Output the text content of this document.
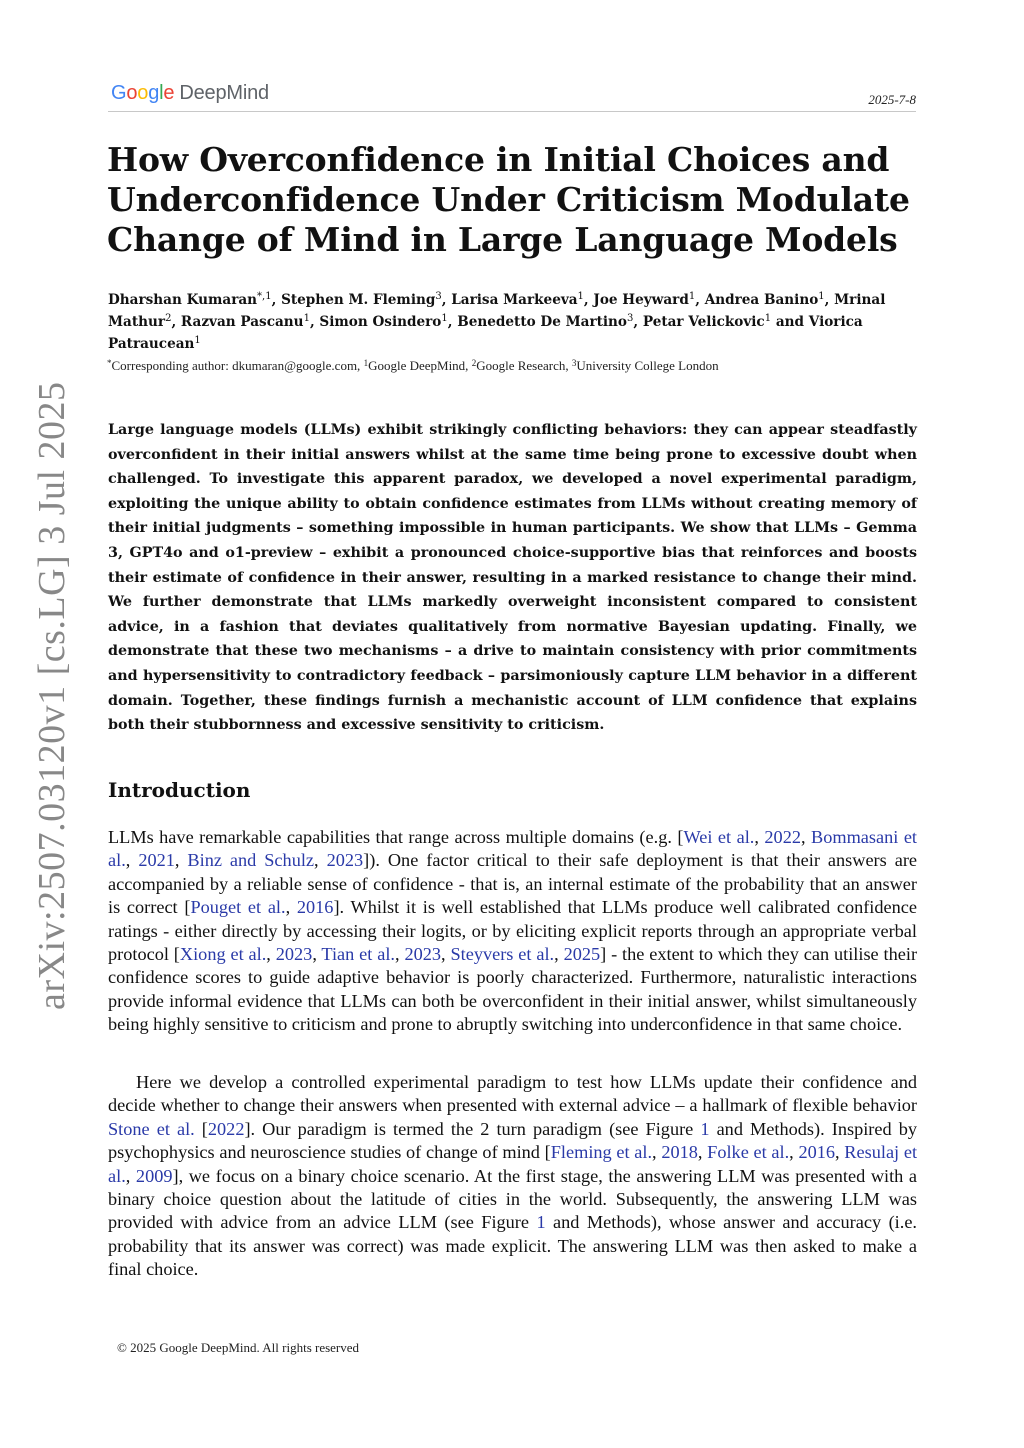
Google DeepMind	2025-7-8
How Overconfidence in Initial Choices and Underconfidence Under Criticism Modulate Change of Mind in Large Language Models
Dharshan Kumaran$^{*,1}$, Stephen M. Fleming$^3$, Larisa Markeeva$^1$, Joe Heyward$^1$, Andrea Banino$^1$, Mrinal Mathur$^2$, Razvan Pascanu$^1$, Simon Osindero$^1$, Benedetto De Martino$^3$, Petar Velickovic$^1$ and Viorica Patraucean$^1$
*Corresponding author: dkumaran@google.com, $^1$Google DeepMind, $^2$Google Research, $^3$University College London

Large language models (LLMs) exhibit strikingly conflicting behaviors: they can appear steadfastly overconfident in their initial answers whilst at the same time being prone to excessive doubt when challenged. To investigate this apparent paradox, we developed a novel experimental paradigm, exploiting the unique ability to obtain confidence estimates from LLMs without creating memory of their initial judgments – something impossible in human participants. We show that LLMs – Gemma 3, GPT4o and o1-preview – exhibit a pronounced choice-supportive bias that reinforces and boosts their estimate of confidence in their answer, resulting in a marked resistance to change their mind. We further demonstrate that LLMs markedly overweight inconsistent compared to consistent advice, in a fashion that deviates qualitatively from normative Bayesian updating. Finally, we demonstrate that these two mechanisms – a drive to maintain consistency with prior commitments and hypersensitivity to contradictory feedback – parsimoniously capture LLM behavior in a different domain. Together, these findings furnish a mechanistic account of LLM confidence that explains both their stubbornness and excessive sensitivity to criticism.

arXiv:2507.03120v1 [cs.LG] 3 Jul 2025 Introduction

LLMs have remarkable capabilities that range across multiple domains (e.g. [Wei et al., 2022, Bommasani et al., 2021, Binz and Schulz, 2023]). One factor critical to their safe deployment is that their answers are accompanied by a reliable sense of confidence - that is, an internal estimate of the probability that an answer is correct [Pouget et al., 2016]. Whilst it is well established that LLMs produce well calibrated confidence ratings - either directly by accessing their logits, or by eliciting explicit reports through an appropriate verbal protocol [Xiong et al., 2023, Tian et al., 2023, Steyvers et al., 2025] - the extent to which they can utilise their confidence scores to guide adaptive behavior is poorly characterized. Furthermore, naturalistic interactions provide informal evidence that LLMs can both be overconfident in their initial answer, whilst simultaneously being highly sensitive to criticism and prone to abruptly switching into underconfidence in that same choice.

Here we develop a controlled experimental paradigm to test how LLMs update their confidence and decide whether to change their answers when presented with external advice – a hallmark of flexible behavior Stone et al. [2022]. Our paradigm is termed the 2 turn paradigm (see Figure 1 and Methods). Inspired by psychophysics and neuroscience studies of change of mind [Fleming et al., 2018, Folke et al., 2016, Resulaj et al., 2009], we focus on a binary choice scenario. At the first stage, the answering LLM was presented with a binary choice question about the latitude of cities in the world. Subsequently, the answering LLM was provided with advice from an advice LLM (see Figure 1 and Methods), whose answer and accuracy (i.e. probability that its answer was correct) was made explicit. The answering LLM was then asked to make a final choice.

© 2025 Google DeepMind. All rights reserved
